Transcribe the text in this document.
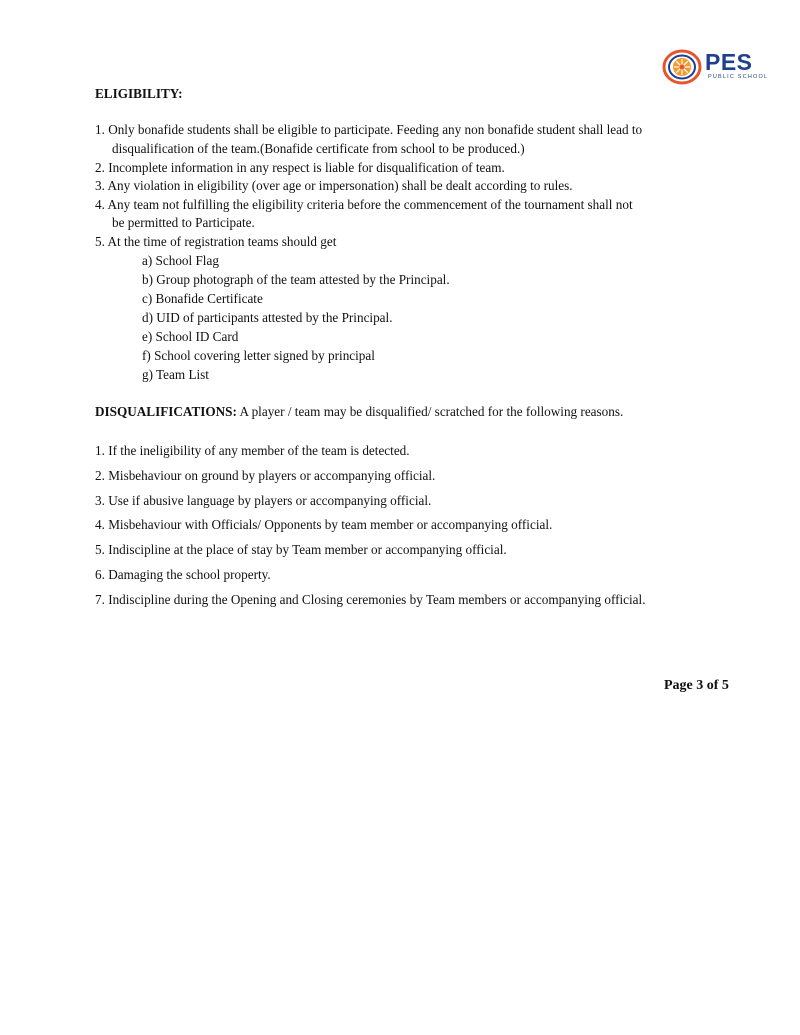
PES
PUBLIC SCHOOL
ELIGIBILITY:
1. Only bonafide students shall be eligible to participate. Feeding any non bonafide student shall lead to
disqualification of the team.(Bonafide certificate from school to be produced.)
2. Incomplete information in any respect is liable for disqualification of team.
3. Any violation in eligibility (over age or impersonation) shall be dealt according to rules.
4. Any team not fulfilling the eligibility criteria before the commencement of the tournament shall not
be permitted to Participate.
5. At the time of registration teams should get
a) School Flag
b) Group photograph of the team attested by the Principal.
c) Bonafide Certificate
d) UID of participants attested by the Principal.
e) School ID Card
f) School covering letter signed by principal
g) Team List
DISQUALIFICATIONS: A player / team may be disqualified/ scratched for the following reasons.
1. If the ineligibility of any member of the team is detected.
2. Misbehaviour on ground by players or accompanying official.
3. Use if abusive language by players or accompanying official.
4. Misbehaviour with Officials/ Opponents by team member or accompanying official.
5. Indiscipline at the place of stay by Team member or accompanying official.
6. Damaging the school property.
7. Indiscipline during the Opening and Closing ceremonies by Team members or accompanying official.
Page 3 of 5
